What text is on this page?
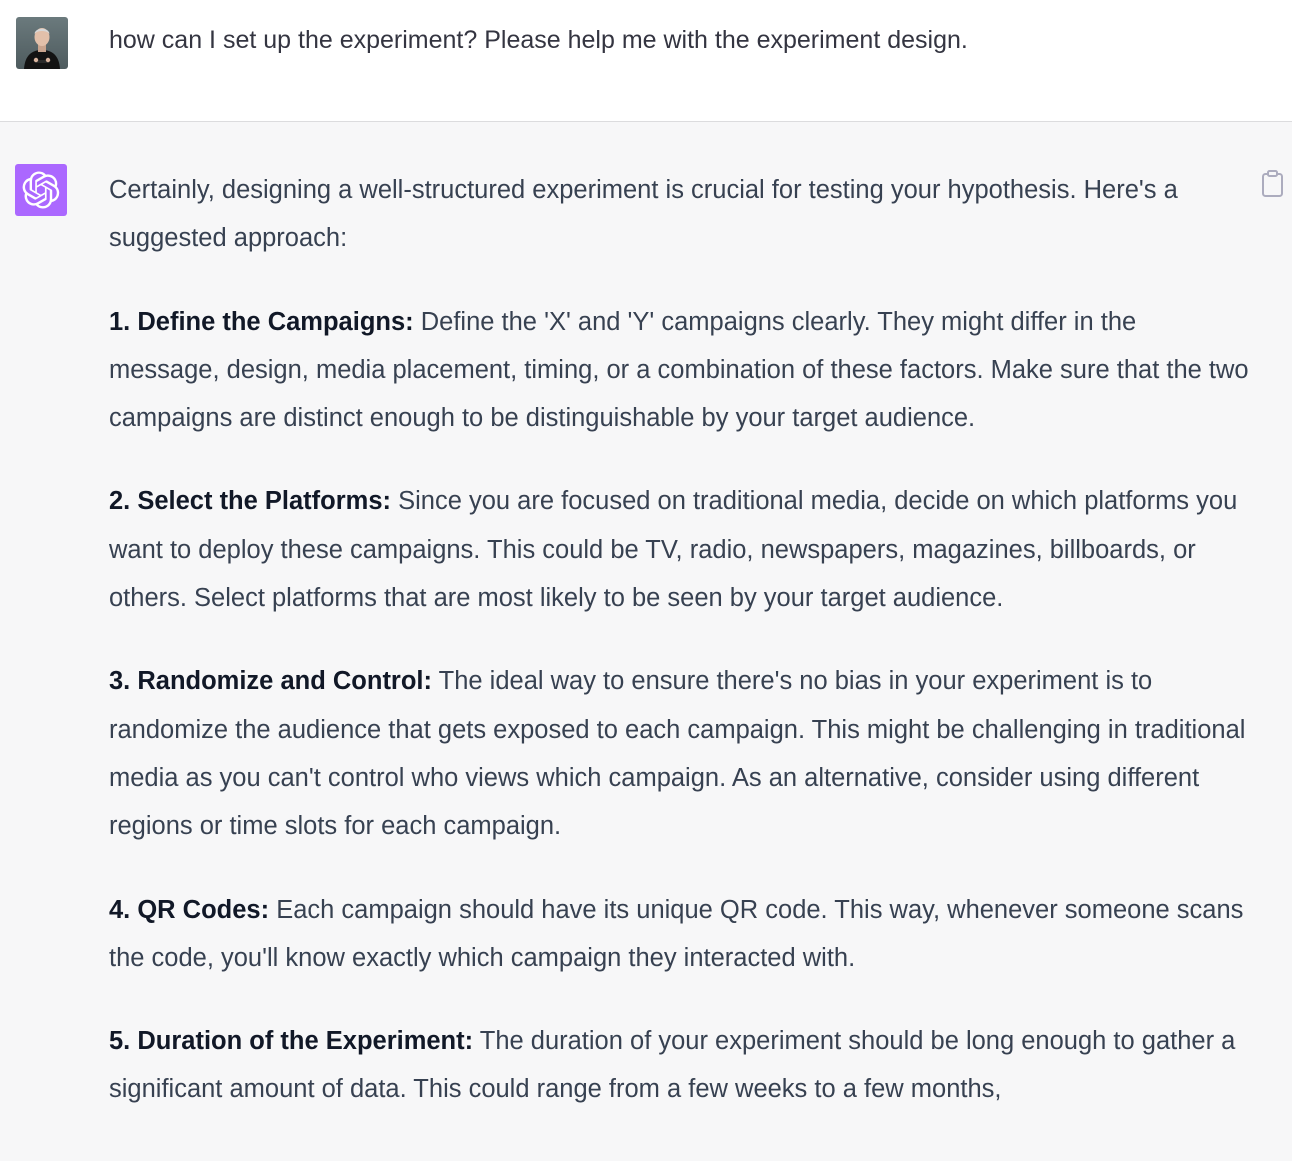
how can I set up the experiment? Please help me with the experiment design.

Certainly, designing a well-structured experiment is crucial for testing your hypothesis. Here's a suggested approach:

1. Define the Campaigns: Define the 'X' and 'Y' campaigns clearly. They might differ in the message, design, media placement, timing, or a combination of these factors. Make sure that the two campaigns are distinct enough to be distinguishable by your target audience.

2. Select the Platforms: Since you are focused on traditional media, decide on which platforms you want to deploy these campaigns. This could be TV, radio, newspapers, magazines, billboards, or others. Select platforms that are most likely to be seen by your target audience.

3. Randomize and Control: The ideal way to ensure there's no bias in your experiment is to randomize the audience that gets exposed to each campaign. This might be challenging in traditional media as you can't control who views which campaign. As an alternative, consider using different regions or time slots for each campaign.

4. QR Codes: Each campaign should have its unique QR code. This way, whenever someone scans the code, you'll know exactly which campaign they interacted with.

5. Duration of the Experiment: The duration of your experiment should be long enough to gather a significant amount of data. This could range from a few weeks to a few months,
